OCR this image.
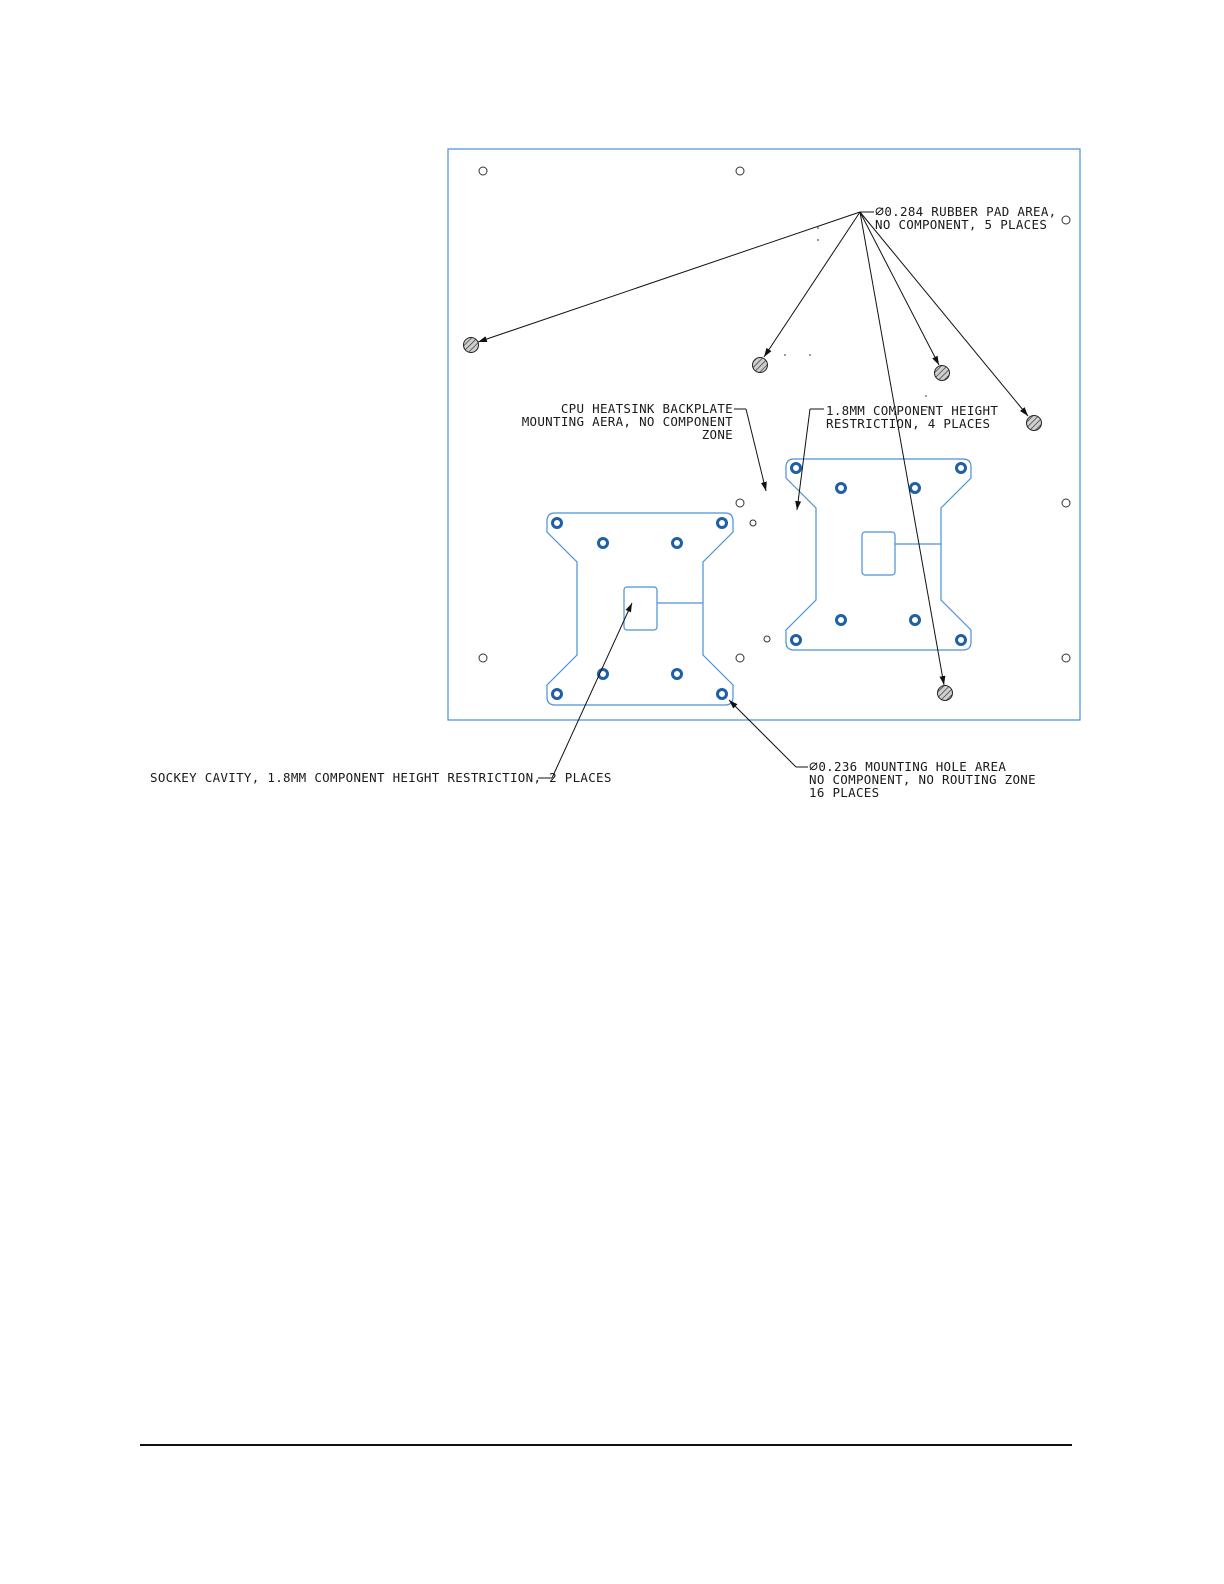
∅0.284 RUBBER PAD AREA,
NO COMPONENT, 5 PLACES
CPU HEATSINK BACKPLATE
MOUNTING AERA, NO COMPONENT
ZONE
1.8MM COMPONENT HEIGHT
RESTRICTION, 4 PLACES
SOCKEY CAVITY, 1.8MM COMPONENT HEIGHT RESTRICTION, 2 PLACES
∅0.236 MOUNTING HOLE AREA
NO COMPONENT, NO ROUTING ZONE
16 PLACES
